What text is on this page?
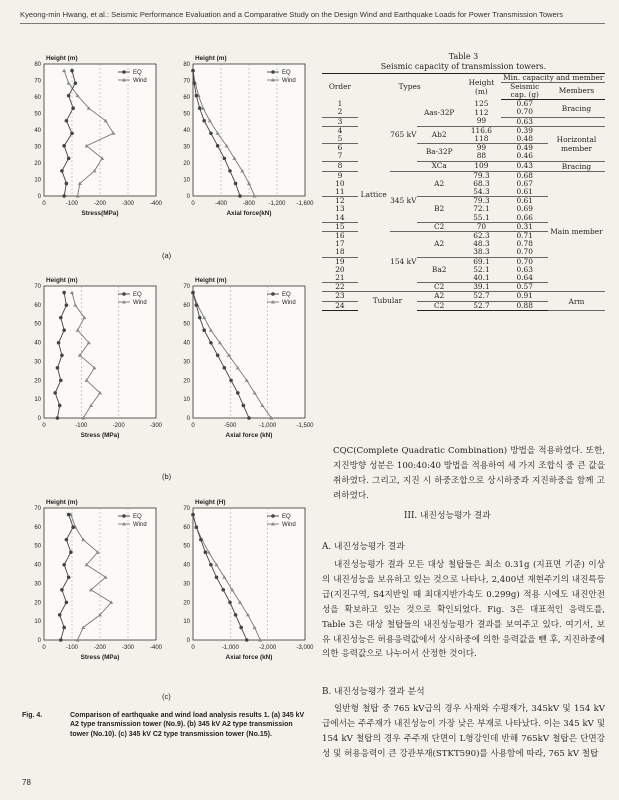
Kyeong-min Hwang, et al.: Seismic Performance Evaluation and a Comparative Study on the Design Wind and Earthquake Loads for Power Transmission Towers
0	-100	-200	-300	-400
0
10
20
30
40
50
60
70
80
Height (m)
Stress(MPa)
EQ
Wind
0	-400	-800 -1,200 -1,600
0
10
20
30
40
50
60
70
80
Height (m)
Axial force(kN)
EQ
Wind
(a)
0	-100	-200	-300
0
10
20
30
40
50
60
70
Height (m)
Stress (MPa)
EQ
Wind
0	-500	-1,000	-1,500
0
10
20
30
40
50
60
70
Height (m)
Axial force (kN)
EQ
Wind
(b)
0	-100	-200	-300	-400
0
10
20
30
40
50
60
70
Height (m)
Stress (MPa)
EQ
Wind
0	-1,000	-2,000	-3,000
0
10
20
30
40
50
60
70
Height (H)
Axial force (kN)
EQ
Wind
(c)
Fig. 4.	Comparison of earthquake and wind load analysis results 1. (a) 345 kV A2 type transmission tower (No.9). (b) 345 kV A2 type transmission tower (No.10). (c) 345 kV C2 type transmission tower (No.15).
Table 3
Seismic capacity of transmission towers.
Order	Types			Height (m)	Min. capacity and member	
					Seismic cap. (g)	Members
1	Lattice	765 kV	Aas-32P	125	0.67	Bracing
2				112	0.70	
3				99	0.63	
4			Ab2	116.6	0.39	Horizontal member
5				118	0.48	
6			Ba-32P	99	0.49	
7				88	0.46	
8			XCa	109	0.43	Bracing
9		345 kV	A2	79.3	0.68	Main member
10				68.3	0.67	
11				54.3	0.61	
12			B2	79.3	0.61	
13				72.1	0.69	
14				55.1	0.66	
15			C2	70	0.31	
16		154 kV	A2	62.3	0.71	
17				48.3	0.78	
18				38.3	0.70	
19			Ba2	69.1	0.70	
20				52.1	0.63	
21				40.1	0.64	
22			C2	39.1	0.57	
23	Tubular		A2	52.7	0.91	Arm
24			C2	52.7	0.88	
CQC(Complete Quadratic Combination) 방법을 적용하였다. 또한, 지진방향 성분은 100:40:40 방법을 적용하여 세 가지 조합식 중 큰 값을 취하였다. 그리고, 지진 시 하중조합으로 상시하중과 지진하중을 함께 고려하였다.
III. 내진성능평가 결과
A. 내진성능평가 결과
내진성능평가 결과 모든 대상 철탑들은 최소 0.31g (지표면 기준) 이상의 내진성능을 보유하고 있는 것으로 나타나, 2,400년 재현주기의 내진특등급(지진구역, S4지반일 때 최대지반가속도 0.299g) 적용 시에도 내진안전성을 확보하고 있는 것으로 확인되었다. Fig. 3은 대표적인 응력도를, Table 3은 대상 철탑들의 내진성능평가 결과를 보여주고 있다. 여기서, 보유 내진성능은 허용응력값에서 상시하중에 의한 응력값을 뺀 후, 지진하중에 의한 응력값으로 나누어서 산정한 것이다.
B. 내진성능평가 결과 분석
일반형 철탑 중 765 kV급의 경우 사재와 수평재가, 345kV 및 154 kV급에서는 주주재가 내진성능이 가장 낮은 부재로 나타났다. 이는 345 kV 및 154 kV 철탑의 경우 주주재 단면이 L형강인데 반해 765kV 철탑은 단면강성 및 허용응력이 큰 강관부재(STKT590)를 사용함에 따라, 765 kV 철탑
78
